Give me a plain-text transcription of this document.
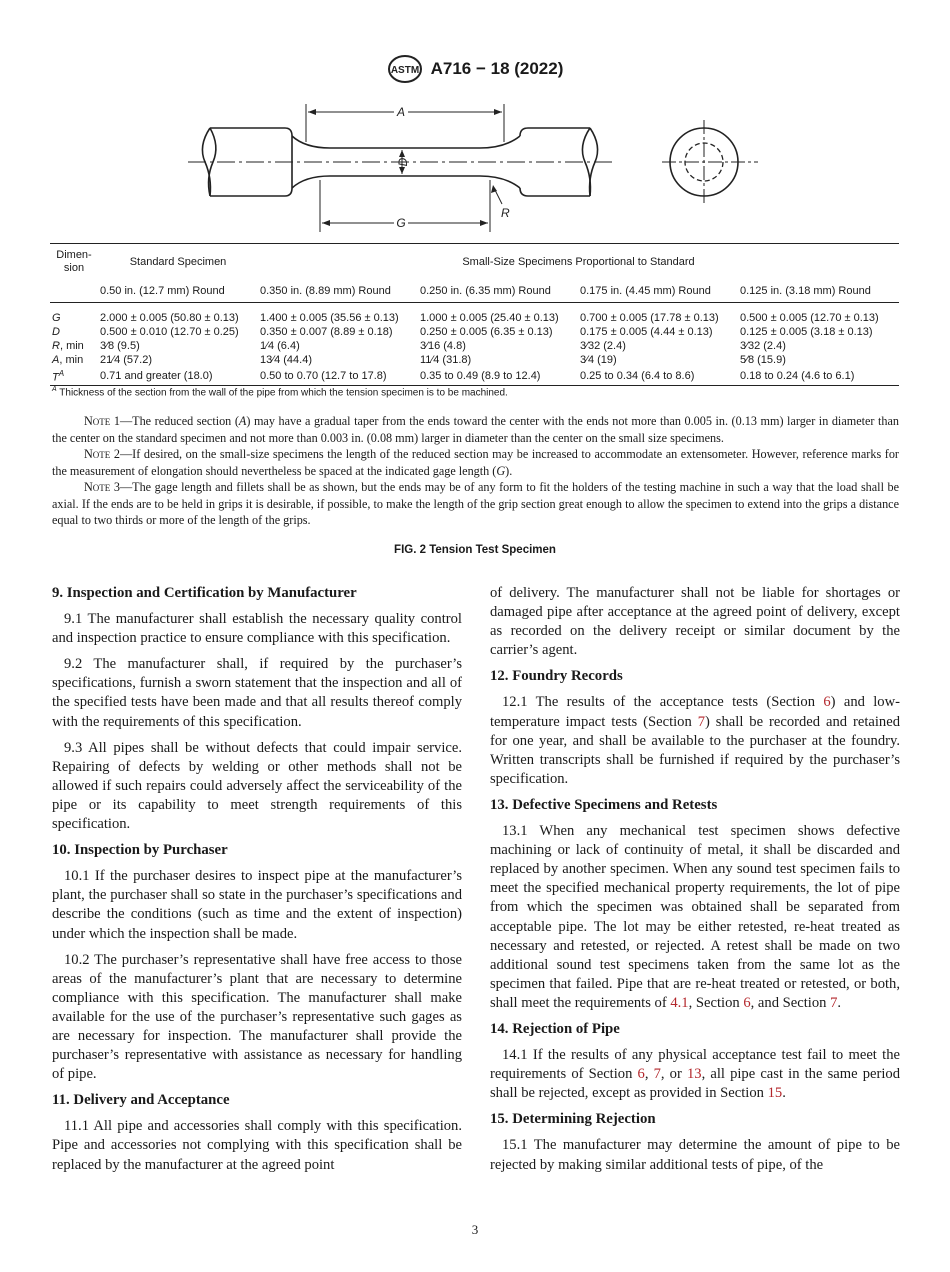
ASTM A716 − 18 (2022)
A
D
G
R
Dimen-
sion	Standard Specimen	Small-Size Specimens Proportional to Standard			
	0.50 in. (12.7 mm) Round	0.350 in. (8.89 mm) Round	0.250 in. (6.35 mm) Round	0.175 in. (4.45 mm) Round	0.125 in. (3.18 mm) Round

G	2.000 ± 0.005 (50.80 ± 0.13)	1.400 ± 0.005 (35.56 ± 0.13)	1.000 ± 0.005 (25.40 ± 0.13)	0.700 ± 0.005 (17.78 ± 0.13)	0.500 ± 0.005 (12.70 ± 0.13)
D	0.500 ± 0.010 (12.70 ± 0.25)	0.350 ± 0.007 (8.89 ± 0.18)	0.250 ± 0.005 (6.35 ± 0.13)	0.175 ± 0.005 (4.44 ± 0.13)	0.125 ± 0.005 (3.18 ± 0.13)
R, min	3⁄8 (9.5)	1⁄4 (6.4)	3⁄16 (4.8)	3⁄32 (2.4)	3⁄32 (2.4)
A, min	21⁄4 (57.2)	13⁄4 (44.4)	11⁄4 (31.8)	3⁄4 (19)	5⁄8 (15.9)
$T^A$	0.71 and greater (18.0)	0.50 to 0.70 (12.7 to 17.8)	0.35 to 0.49 (8.9 to 12.4)	0.25 to 0.34 (6.4 to 8.6)	0.18 to 0.24 (4.6 to 6.1)
$^A$ Thickness of the section from the wall of the pipe from which the tension specimen is to be machined.
Note 1—The reduced section (A) may have a gradual taper from the ends toward the center with the ends not more than 0.005 in. (0.13 mm) larger in diameter than the center on the standard specimen and not more than 0.003 in. (0.08 mm) larger in diameter than the center on the small size specimens.
Note 2—If desired, on the small-size specimens the length of the reduced section may be increased to accommodate an extensometer. However, reference marks for the measurement of elongation should nevertheless be spaced at the indicated gage length (G).
Note 3—The gage length and fillets shall be as shown, but the ends may be of any form to fit the holders of the testing machine in such a way that the load shall be axial. If the ends are to be held in grips it is desirable, if possible, to make the length of the grip section great enough to allow the specimen to extend into the grips a distance equal to two thirds or more of the length of the grips.
FIG. 2 Tension Test Specimen
9. Inspection and Certification by Manufacturer

9.1 The manufacturer shall establish the necessary quality control and inspection practice to ensure compliance with this specification.

9.2 The manufacturer shall, if required by the purchaser’s specifications, furnish a sworn statement that the inspection and all of the specified tests have been made and that all results thereof comply with the requirements of this specification.

9.3 All pipes shall be without defects that could impair service. Repairing of defects by welding or other methods shall not be allowed if such repairs could adversely affect the serviceability of the pipe or its capability to meet strength requirements of this specification.

10. Inspection by Purchaser

10.1 If the purchaser desires to inspect pipe at the manufacturer’s plant, the purchaser shall so state in the purchaser’s specifications and describe the conditions (such as time and the extent of inspection) under which the inspection shall be made.

10.2 The purchaser’s representative shall have free access to those areas of the manufacturer’s plant that are necessary to determine compliance with this specification. The manufacturer shall make available for the use of the purchaser’s representative such gages as are necessary for inspection. The manufacturer shall provide the purchaser’s representative with assistance as necessary for handling of pipe.

11. Delivery and Acceptance

11.1 All pipe and accessories shall comply with this specification. Pipe and accessories not complying with this specification shall be replaced by the manufacturer at the agreed point

of delivery. The manufacturer shall not be liable for shortages or damaged pipe after acceptance at the agreed point of delivery, except as recorded on the delivery receipt or similar document by the carrier’s agent.

12. Foundry Records

12.1 The results of the acceptance tests (Section 6) and low-temperature impact tests (Section 7) shall be recorded and retained for one year, and shall be available to the purchaser at the foundry. Written transcripts shall be furnished if required by the purchaser’s specification.

13. Defective Specimens and Retests

13.1 When any mechanical test specimen shows defective machining or lack of continuity of metal, it shall be discarded and replaced by another specimen. When any sound test specimen fails to meet the specified mechanical property requirements, the lot of pipe from which the specimen was obtained shall be separated from acceptable pipe. The lot may be either retested, re-heat treated as necessary and retested, or rejected. A retest shall be made on two additional sound test specimens taken from the same lot as the specimen that failed. Pipe that are re-heat treated or retested, or both, shall meet the requirements of 4.1, Section 6, and Section 7.

14. Rejection of Pipe

14.1 If the results of any physical acceptance test fail to meet the requirements of Section 6, 7, or 13, all pipe cast in the same period shall be rejected, except as provided in Section 15.

15. Determining Rejection

15.1 The manufacturer may determine the amount of pipe to be rejected by making similar additional tests of pipe, of the

3
